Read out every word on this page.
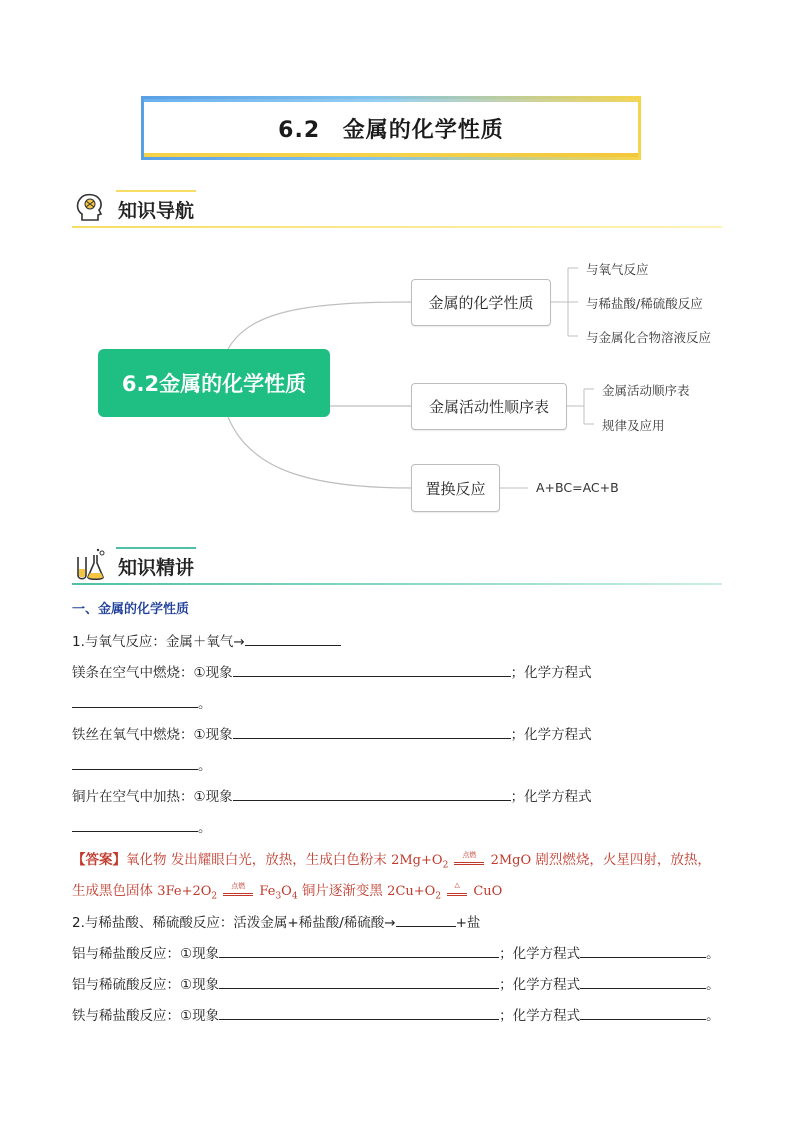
6.2 金属的化学性质
知识导航
6.2金属的化学性质
金属的化学性质
金属活动性顺序表
置换反应
与氧气反应
与稀盐酸/稀硫酸反应
与金属化合物溶液反应
金属活动顺序表
规律及应用
A+BC=AC+B
知识精讲
一、金属的化学性质
1.与氧气反应：金属＋氧气→
镁条在空气中燃烧：①现象	；化学方程式
。
铁丝在氧气中燃烧：①现象	；化学方程式
。
铜片在空气中加热：①现象	；化学方程式
。
【答案】氧化物 发出耀眼白光，放热，生成白色粉末 $2Mg+O_2$
点燃	2MgO 剧烈燃烧，火星四射，放热，
生成黑色固体 $3Fe+2O_2$
点燃	$Fe_3O_4$ 铜片逐渐变黑 $2Cu+O_2$
△	CuO
2.与稀盐酸、稀硫酸反应：活泼金属+稀盐酸/稀硫酸→	+盐
铝与稀盐酸反应：①现象	；化学方程式	。
铝与稀硫酸反应：①现象	；化学方程式	。
铁与稀盐酸反应：①现象	；化学方程式	。
